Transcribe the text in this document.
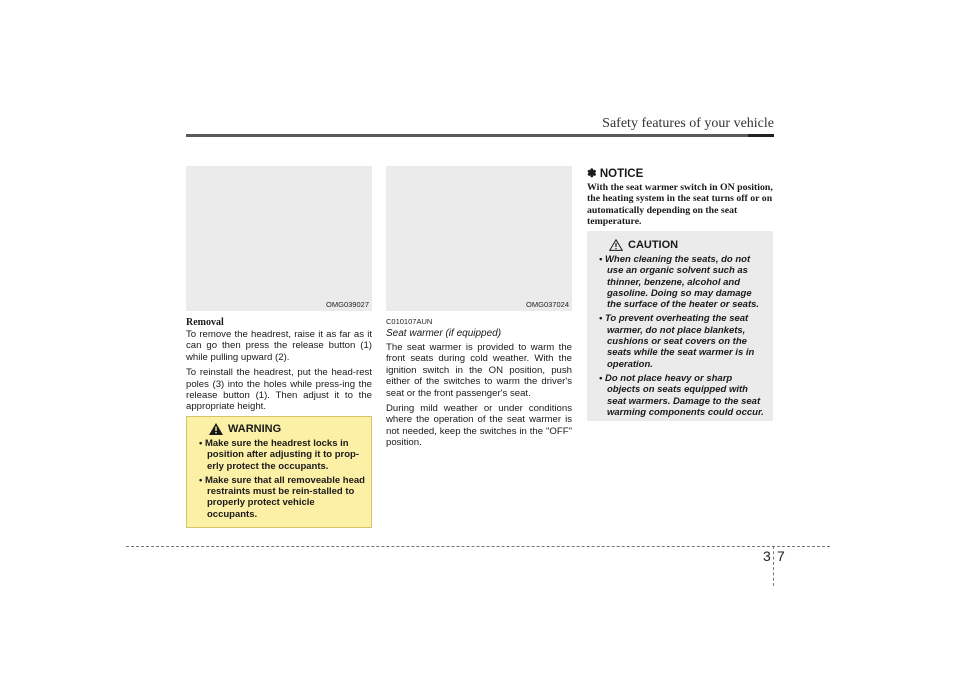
Safety features of your vehicle
OMG039027

Removal

To remove the headrest, raise it as far as it can go then press the release button (1) while pulling upward (2).

To reinstall the headrest, put the head-rest poles (3) into the holes while press-ing the release button (1). Then adjust it to the appropriate height.

WARNING
• Make sure the headrest locks in position after adjusting it to prop-erly protect the occupants.
• Make sure that all removeable head restraints must be rein-stalled to properly protect vehicle occupants.
OMG037024

C010107AUN

Seat warmer (if equipped)

The seat warmer is provided to warm the front seats during cold weather. With the ignition switch in the ON position, push either of the switches to warm the driver's seat or the front passenger's seat.

During mild weather or under conditions where the operation of the seat warmer is not needed, keep the switches in the "OFF" position.

✽ NOTICE

With the seat warmer switch in ON position, the heating system in the seat turns off or on automatically depending on the seat temperature.

CAUTION
• When cleaning the seats, do not use an organic solvent such as thinner, benzene, alcohol and gasoline. Doing so may damage the surface of the heater or seats.
• To prevent overheating the seat warmer, do not place blankets, cushions or seat covers on the seats while the seat warmer is in operation.
• Do not place heavy or sharp objects on seats equipped with seat warmers. Damage to the seat warming components could occur.
3 7
